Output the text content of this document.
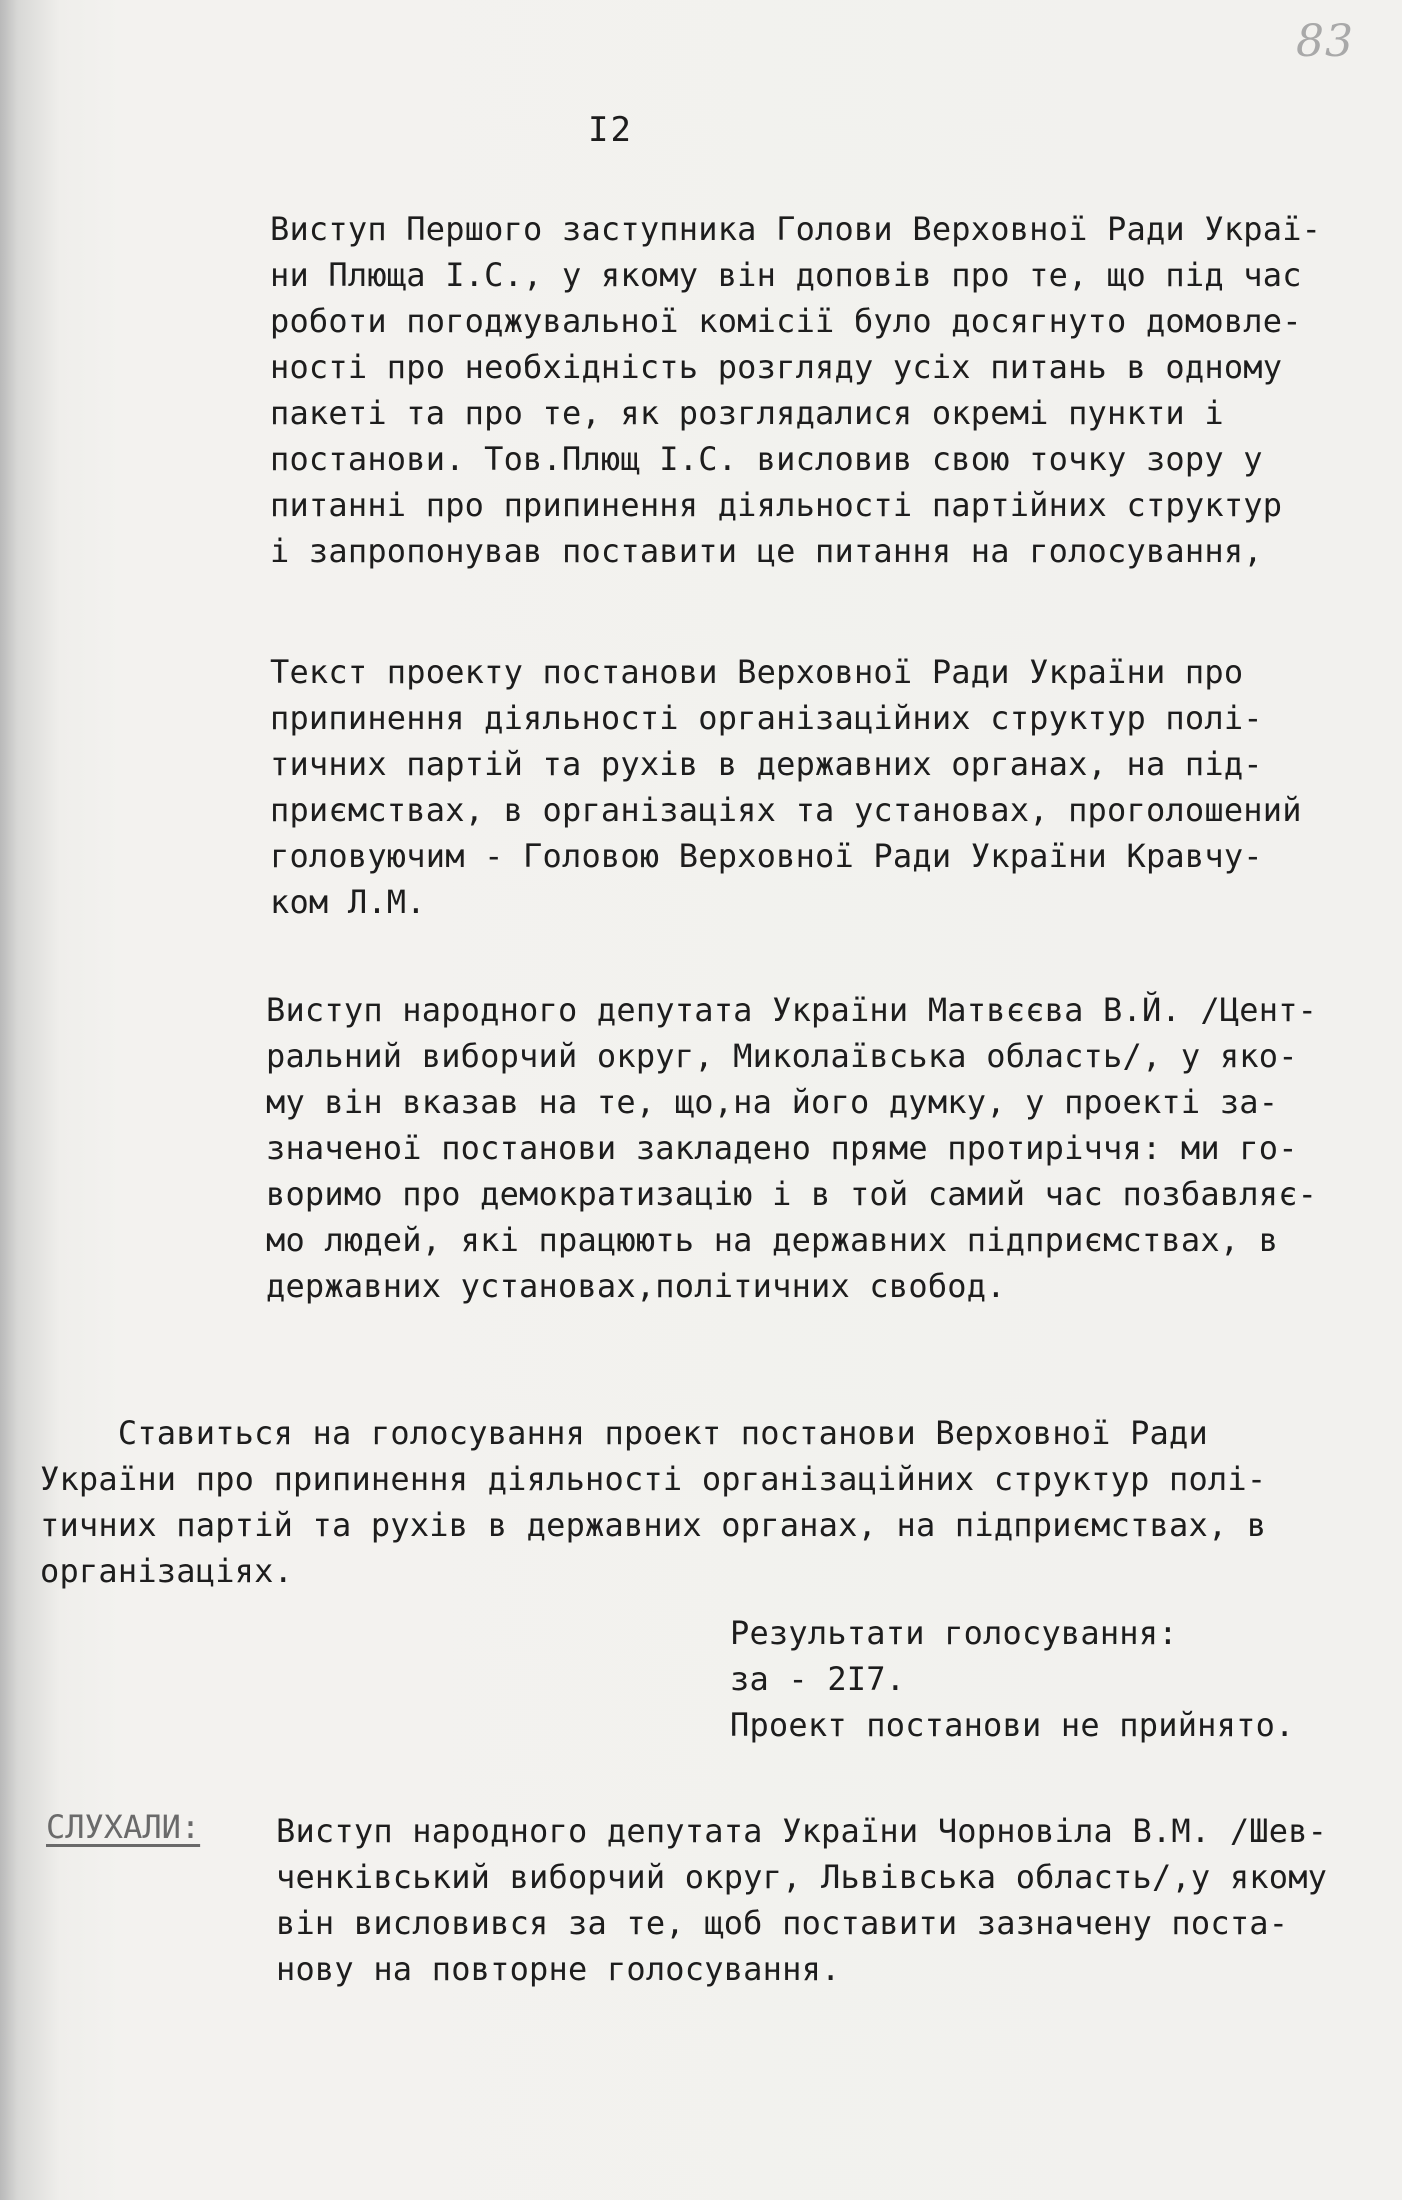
83
I2
Виступ Першого заступника Голови Верховної Ради Украї-
ни Плюща І.С., у якому він доповів про те, що під час
роботи погоджувальної комісії було досягнуто домовле-
ності про необхідність розгляду усіх питань в одному
пакеті та про те, як розглядалися окремі пункти і
постанови. Тов.Плющ І.С. висловив свою точку зору у
питанні про припинення діяльності партійних структур
і запропонував поставити це питання на голосування,
Текст проекту постанови Верховної Ради України про
припинення діяльності організаційних структур полі-
тичних партій та рухів в державних органах, на під-
приємствах, в організаціях та установах, проголошений
головуючим - Головою Верховної Ради України Кравчу-
ком Л.М.
Виступ народного депутата України Матвєєва В.Й. /Цент-
ральний виборчий округ, Миколаївська область/, у яко-
му він вказав на те, що,на його думку, у проекті за-
значеної постанови закладено пряме протиріччя: ми го-
воримо про демократизацію і в той самий час позбавляє-
мо людей, які працюють на державних підприємствах, в
державних установах,політичних свобод.
Ставиться на голосування проект постанови Верховної Ради
України про припинення діяльності організаційних структур полі-
тичних партій та рухів в державних органах, на підприємствах, в
організаціях.
Результати голосування:
за - 2I7.
Проект постанови не прийнято.
СЛУХАЛИ: Виступ народного депутата України Чорновіла В.М. /Шев-
ченківський виборчий округ, Львівська область/,у якому
він висловився за те, щоб поставити зазначену поста-
нову на повторне голосування.
